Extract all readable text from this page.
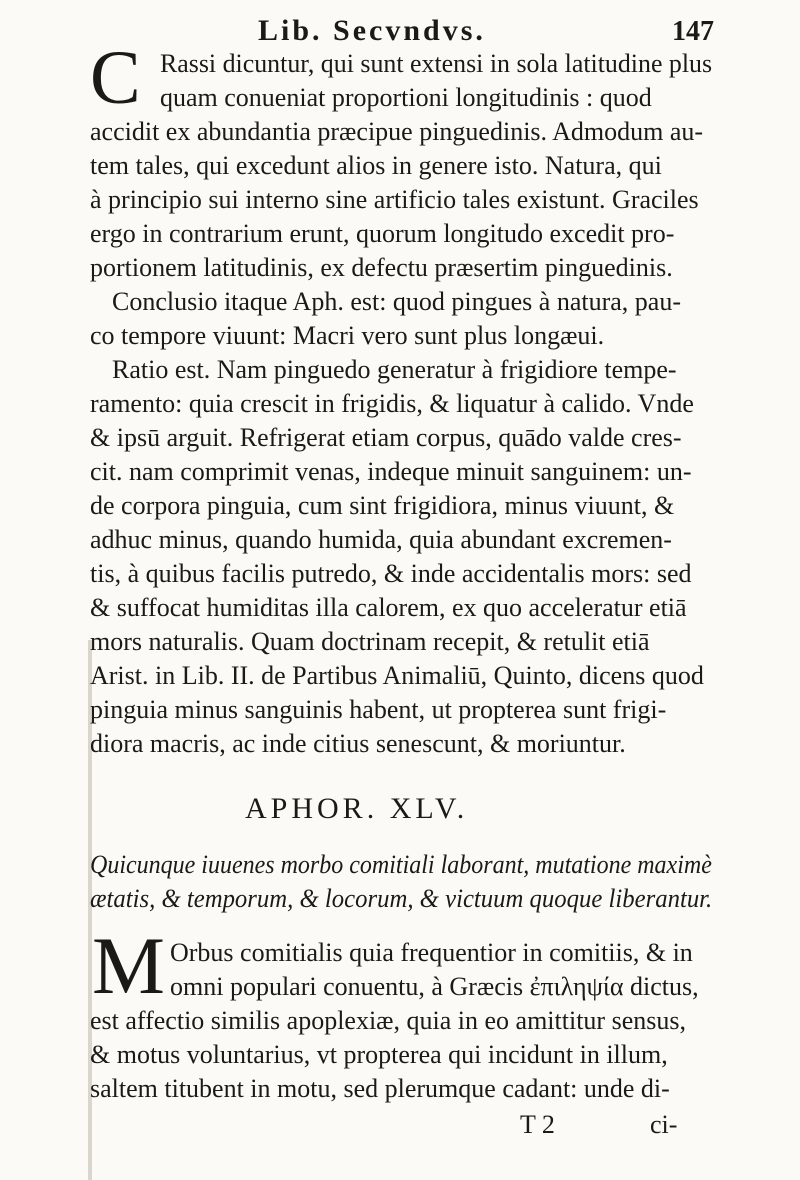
Lib. Secvndvs.	147
C Rassi dicuntur, qui sunt extensi in sola latitudine plus
quam conueniat proportioni longitudinis : quod
accidit ex abundantia præcipue pinguedinis. Admodum au-
tem tales, qui excedunt alios in genere isto. Natura, qui
à principio sui interno sine artificio tales existunt. Graciles
ergo in contrarium erunt, quorum longitudo excedit pro-
portionem latitudinis, ex defectu præsertim pinguedinis.
Conclusio itaque Aph. est: quod pingues à natura, pau-
co tempore viuunt: Macri vero sunt plus longæui.
Ratio est. Nam pinguedo generatur à frigidiore tempe-
ramento: quia crescit in frigidis, & liquatur à calido. Vnde
& ipsū arguit. Refrigerat etiam corpus, quādo valde cres-
cit. nam comprimit venas, indeque minuit sanguinem: un-
de corpora pinguia, cum sint frigidiora, minus viuunt, &
adhuc minus, quando humida, quia abundant excremen-
tis, à quibus facilis putredo, & inde accidentalis mors: sed
& suffocat humiditas illa calorem, ex quo acceleratur etiā
mors naturalis. Quam doctrinam recepit, & retulit etiā
Arist. in Lib. II. de Partibus Animaliū, Quinto, dicens quod
pinguia minus sanguinis habent, ut propterea sunt frigi-
diora macris, ac inde citius senescunt, & moriuntur.
APHOR. XLV.
Quicunque iuuenes morbo comitiali laborant, mutatione maximè
ætatis, & temporum, & locorum, & victuum quoque liberantur.
M Orbus comitialis quia frequentior in comitiis, & in
omni populari conuentu, à Græcis ἐπιληψία dictus,
est affectio similis apoplexiæ, quia in eo amittitur sensus,
& motus voluntarius, vt propterea qui incidunt in illum,
saltem titubent in motu, sed plerumque cadant: unde di-
T 2	ci-
